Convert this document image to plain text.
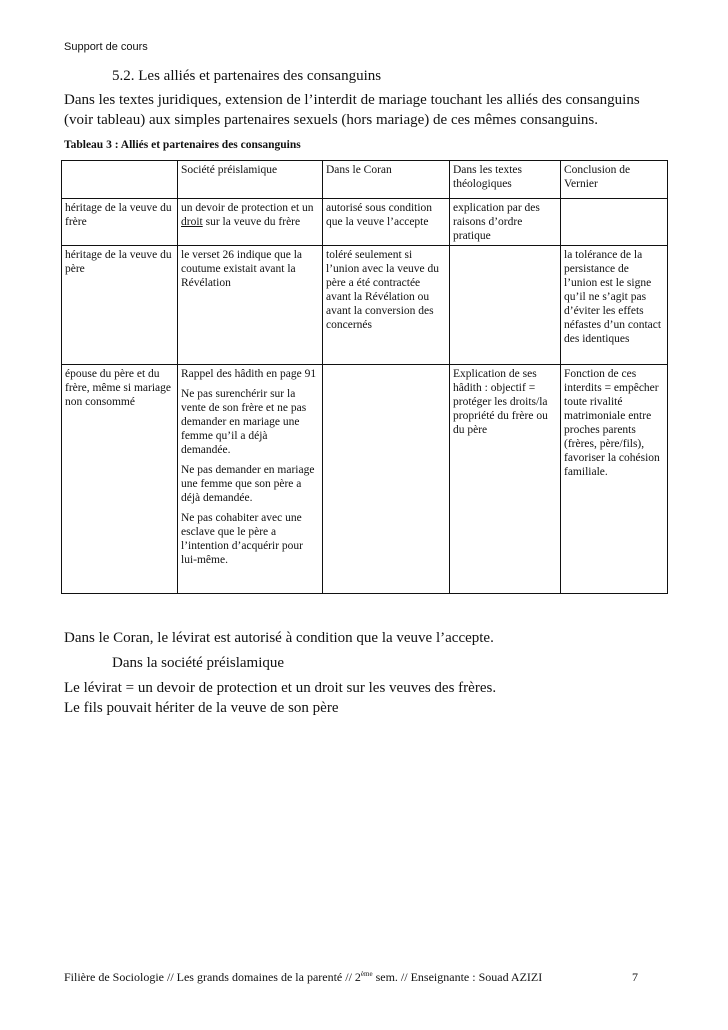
Support de cours
5.2. Les alliés et partenaires des consanguins
Dans les textes juridiques, extension de l’interdit de mariage touchant les alliés des consanguins
(voir tableau) aux simples partenaires sexuels (hors mariage) de ces mêmes consanguins.
Tableau 3 : Alliés et partenaires des consanguins
	Société préislamique	Dans le Coran	Dans les textes théologiques	Conclusion de Vernier
héritage de la veuve du frère	un devoir de protection et un droit sur la veuve du frère	autorisé sous condition que la veuve l’accepte	explication par des raisons d’ordre pratique	
héritage de la veuve du père	le verset 26 indique que la coutume existait avant la Révélation	toléré seulement si l’union avec la veuve du père a été contractée avant la Révélation ou avant la conversion des concernés		la tolérance de la persistance de l’union est le signe qu’il ne s’agit pas d’éviter les effets néfastes d’un contact des identiques
épouse du père et du frère, même si mariage non consommé	Rappel des hâdith en page 91

Ne pas surenchérir sur la vente de son frère et ne pas demander en mariage une femme qu’il a déjà demandée.

Ne pas demander en mariage une femme que son père a déjà demandée.

Ne pas cohabiter avec une esclave que le père a l’intention d’acquérir pour lui-même.		Explication de ses hâdith : objectif = protéger les droits/la propriété du frère ou du père	Fonction de ces interdits = empêcher toute rivalité matrimoniale entre proches parents (frères, père/fils), favoriser la cohésion familiale.
Dans le Coran, le lévirat est autorisé à condition que la veuve l’accepte.
Dans la société préislamique
Le lévirat = un devoir de protection et un droit sur les veuves des frères.
Le fils pouvait hériter de la veuve de son père
Filière de Sociologie // Les grands domaines de la parenté // 2ème sem. // Enseignante : Souad AZIZI	7
